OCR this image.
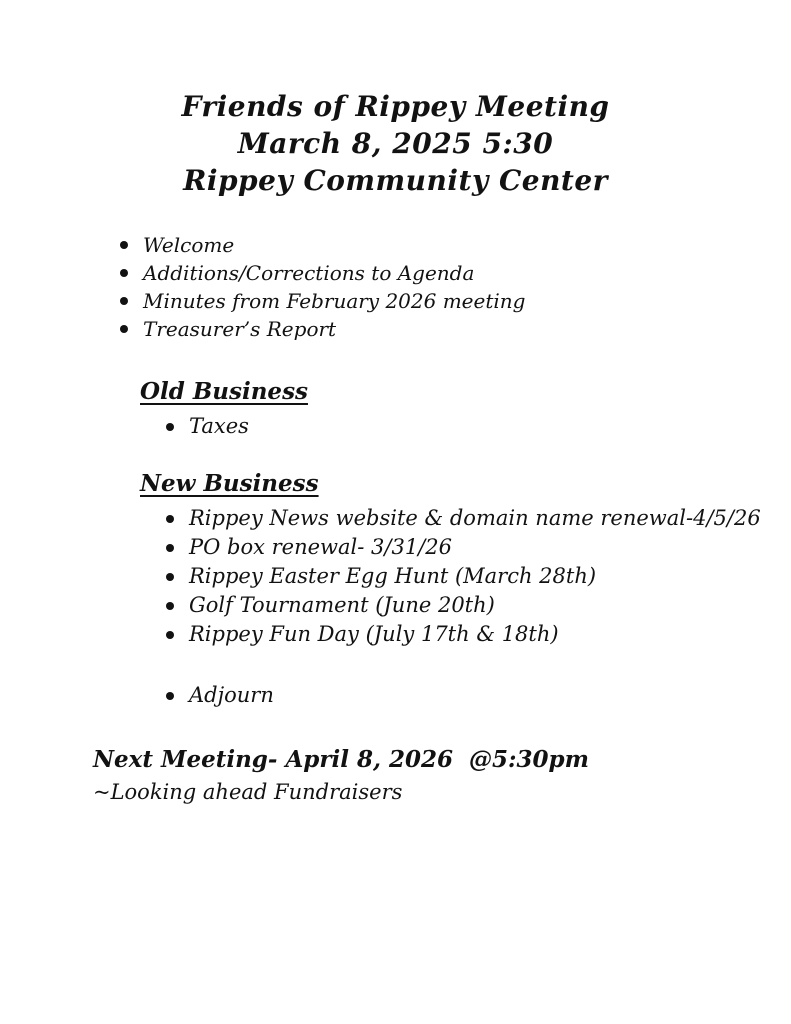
Friends of Rippey Meeting
March 8, 2025 5:30
Rippey Community Center
Welcome
Additions/Corrections to Agenda
Minutes from February 2026 meeting
Treasurer’s Report
Old Business
Taxes
New Business
Rippey News website & domain name renewal-4/5/26
PO box renewal- 3/31/26
Rippey Easter Egg Hunt (March 28th)
Golf Tournament (June 20th)
Rippey Fun Day (July 17th & 18th)
Adjourn
Next Meeting- April 8, 2026  @5:30pm
~Looking ahead Fundraisers
